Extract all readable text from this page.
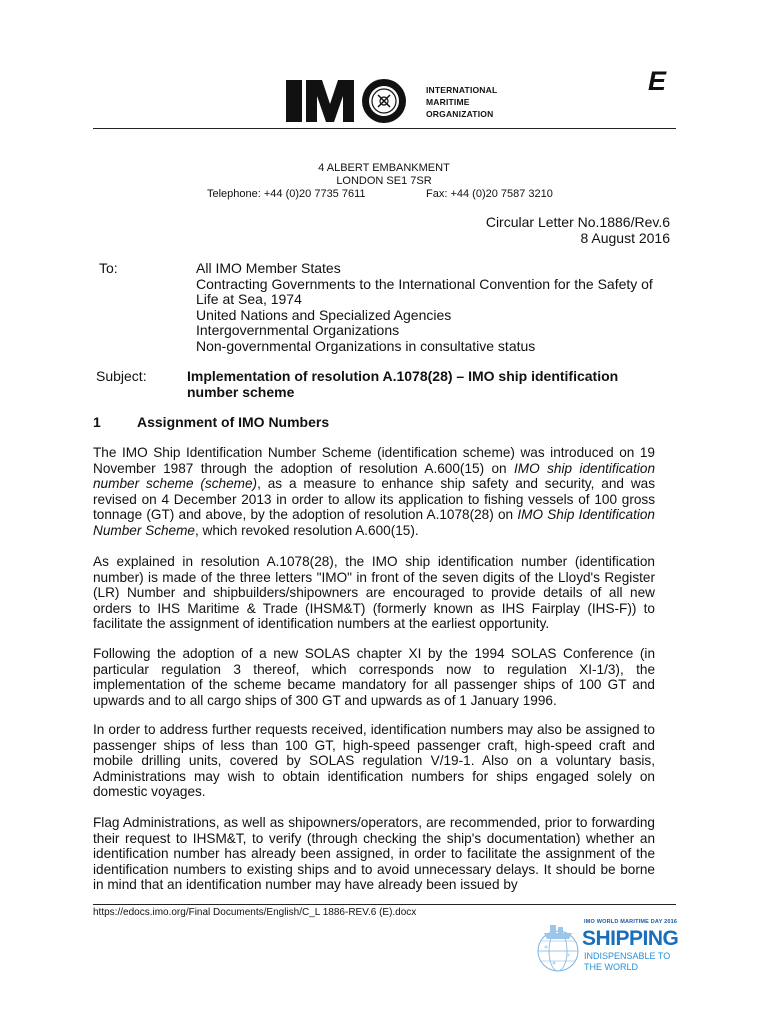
INTERNATIONAL
MARITIME
ORGANIZATION
E
4 ALBERT EMBANKMENT
LONDON SE1 7SR
Telephone: +44 (0)20 7735 7611	Fax: +44 (0)20 7587 3210
Circular Letter No.1886/Rev.6
8 August 2016
To:	All IMO Member States
Contracting Governments to the International Convention for the Safety of Life at Sea, 1974
United Nations and Specialized Agencies
Intergovernmental Organizations
Non-governmental Organizations in consultative status
Subject:	Implementation of resolution A.1078(28) – IMO ship identification number scheme
1	Assignment of IMO Numbers
The IMO Ship Identification Number Scheme (identification scheme) was introduced on 19 November 1987 through the adoption of resolution A.600(15) on IMO ship identification number scheme (scheme), as a measure to enhance ship safety and security, and was revised on 4 December 2013 in order to allow its application to fishing vessels of 100 gross tonnage (GT) and above, by the adoption of resolution A.1078(28) on IMO Ship Identification Number Scheme, which revoked resolution A.600(15).
As explained in resolution A.1078(28), the IMO ship identification number (identification number) is made of the three letters "IMO" in front of the seven digits of the Lloyd's Register (LR) Number and shipbuilders/shipowners are encouraged to provide details of all new orders to IHS Maritime & Trade (IHSM&T) (formerly known as IHS Fairplay (IHS-F)) to facilitate the assignment of identification numbers at the earliest opportunity.
Following the adoption of a new SOLAS chapter XI by the 1994 SOLAS Conference (in particular regulation 3 thereof, which corresponds now to regulation XI-1/3), the implementation of the scheme became mandatory for all passenger ships of 100 GT and upwards and to all cargo ships of 300 GT and upwards as of 1 January 1996.
In order to address further requests received, identification numbers may also be assigned to passenger ships of less than 100 GT, high-speed passenger craft, high-speed craft and mobile drilling units, covered by SOLAS regulation V/19-1. Also on a voluntary basis, Administrations may wish to obtain identification numbers for ships engaged solely on domestic voyages.
Flag Administrations, as well as shipowners/operators, are recommended, prior to forwarding their request to IHSM&T, to verify (through checking the ship's documentation) whether an identification number has already been assigned, in order to facilitate the assignment of the identification numbers to existing ships and to avoid unnecessary delays. It should be borne in mind that an identification number may have already been issued by
https://edocs.imo.org/Final Documents/English/C_L 1886-REV.6 (E).docx
IMO WORLD MARITIME DAY 2016
SHIPPING
INDISPENSABLE TO
THE WORLD
